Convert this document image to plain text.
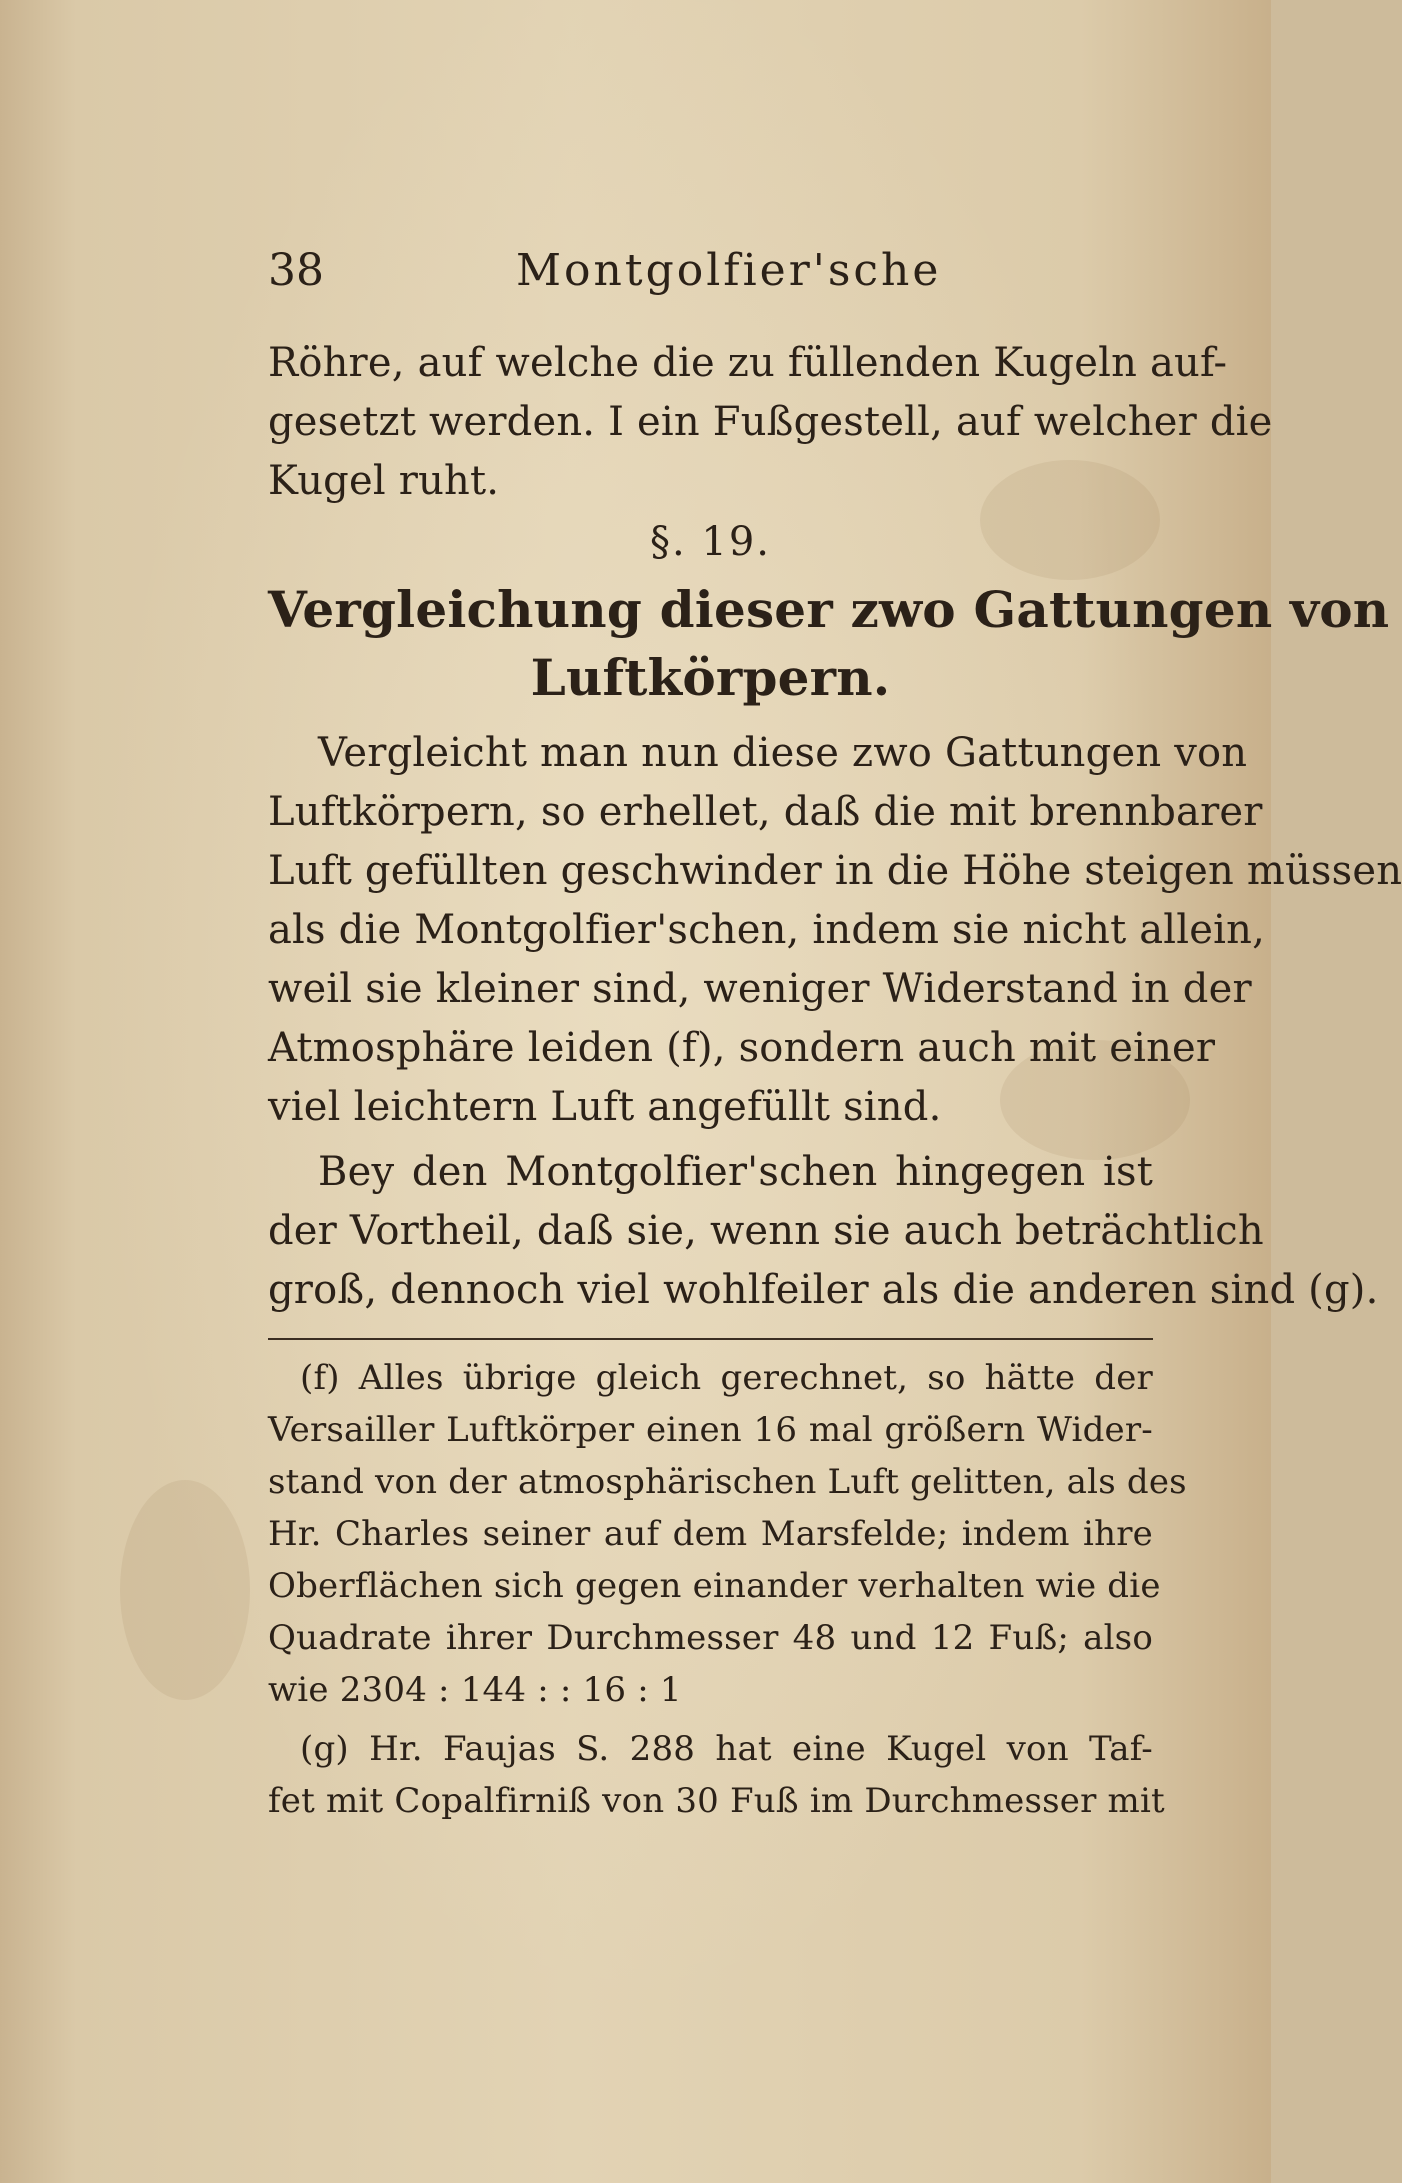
38	Montgolfier'sche
Röhre, auf welche die zu füllenden Kugeln auf-
gesetzt werden. I ein Fußgestell, auf welcher die
Kugel ruht.
§. 19.
Vergleichung dieser zwo Gattungen von
Luftkörpern.
Vergleicht man nun diese zwo Gattungen von
Luftkörpern, so erhellet, daß die mit brennbarer
Luft gefüllten geschwinder in die Höhe steigen müssen
als die Montgolfier'schen, indem sie nicht allein,
weil sie kleiner sind, weniger Widerstand in der
Atmosphäre leiden (f), sondern auch mit einer
viel leichtern Luft angefüllt sind.
Bey den Montgolfier'schen hingegen ist
der Vortheil, daß sie, wenn sie auch beträchtlich
groß, dennoch viel wohlfeiler als die anderen sind (g).
(f) Alles übrige gleich gerechnet, so hätte der
Versailler Luftkörper einen 16 mal größern Wider-
stand von der atmosphärischen Luft gelitten, als des
Hr. Charles seiner auf dem Marsfelde; indem ihre
Oberflächen sich gegen einander verhalten wie die
Quadrate ihrer Durchmesser 48 und 12 Fuß; also
wie 2304 : 144 : : 16 : 1
(g) Hr. Faujas S. 288 hat eine Kugel von Taf-
fet mit Copalfirniß von 30 Fuß im Durchmesser mit
